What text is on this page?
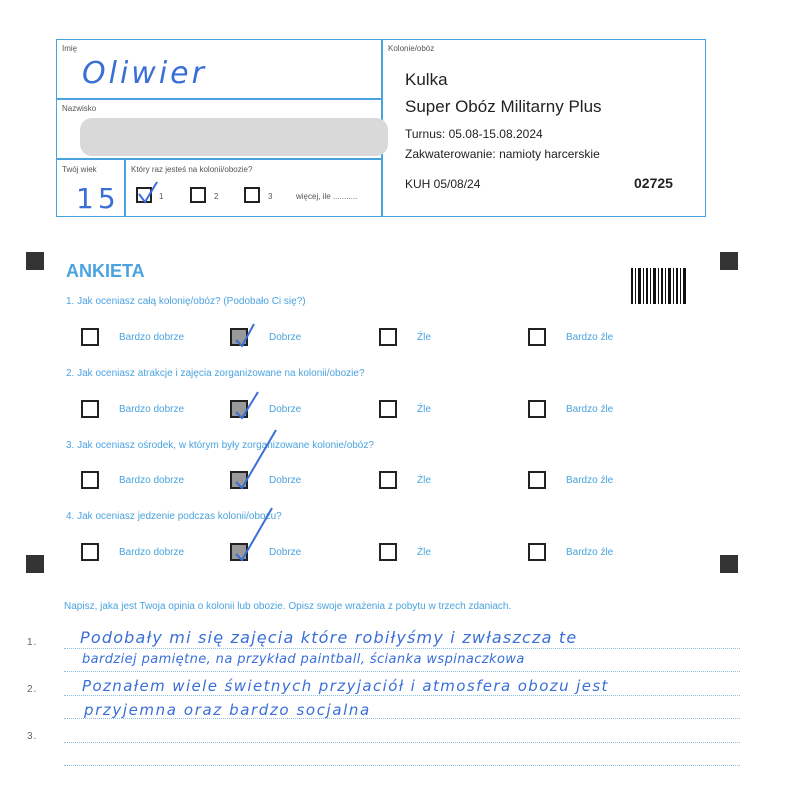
Imię
Oliwier
Nazwisko
Twój wiek
15
Który raz jesteś na kolonii/obozie?
1	2	3	więcej, ile ...........
Kolonie/obóz
Kulka
Super Obóz Militarny Plus
Turnus: 05.08-15.08.2024
Zakwaterowanie: namioty harcerskie
KUH 05/08/24	02725
ANKIETA
1. Jak oceniasz całą kolonię/obóz? (Podobało Ci się?)
Bardzo dobrze	Dobrze	Źle	Bardzo źle
2. Jak oceniasz atrakcje i zajęcia zorganizowane na kolonii/obozie?
Bardzo dobrze	Dobrze	Źle	Bardzo źle
3. Jak oceniasz ośrodek, w którym były zorganizowane kolonie/obóz?
Bardzo dobrze	Dobrze	Źle	Bardzo źle
4. Jak oceniasz jedzenie podczas kolonii/obozu?
Bardzo dobrze	Dobrze	Źle	Bardzo źle
Napisz, jaka jest Twoja opinia o kolonii lub obozie. Opisz swoje wrażenia z pobytu w trzech zdaniach.
1.
2.
3.
Podobały mi się zajęcia które robiłyśmy i zwłaszcza te
bardziej pamiętne, na przykład paintball, ścianka wspinaczkowa
Poznałem wiele świetnych przyjaciół i atmosfera obozu jest
przyjemna oraz bardzo socjalna
